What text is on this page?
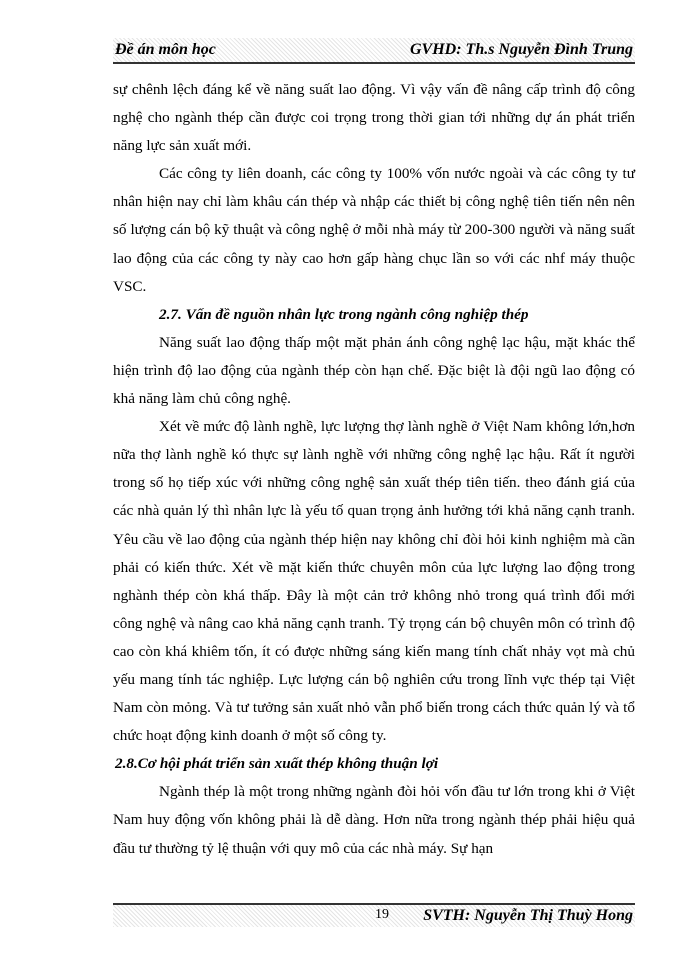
Đề án môn học	GVHD: Th.s Nguyễn Đình Trung

sự chênh lệch đáng kể về năng suất lao động. Vì vậy vấn đề nâng cấp trình độ công nghệ cho ngành thép cần được coi trọng trong thời gian tới những dự án phát triển năng lực sản xuất mới.

Các công ty liên doanh, các công ty 100% vốn nước ngoài và các công ty tư nhân hiện nay chỉ làm khâu cán thép và nhập các thiết bị công nghệ tiên tiến nên nên số lượng cán bộ kỹ thuật và công nghệ ở mỗi nhà máy từ 200-300 người và năng suất lao động của các công ty này cao hơn gấp hàng chục lần so với các nhf máy thuộc VSC.

2.7. Vấn đề nguồn nhân lực trong ngành công nghiệp thép

Năng suất lao động thấp một mặt phản ánh công nghệ lạc hậu, mặt khác thể hiện trình độ lao động của ngành thép còn hạn chế. Đặc biệt là đội ngũ lao động có khả năng làm chủ công nghệ.

Xét về mức độ lành nghề, lực lượng thợ lành nghề ở Việt Nam không lớn,hơn nữa thợ lành nghề kó thực sự lành nghề với những công nghệ lạc hậu. Rất ít người trong số họ tiếp xúc với những công nghệ sản xuất thép tiên tiến. theo đánh giá của các nhà quản lý thì nhân lực là yếu tố quan trọng ảnh hưởng tới khả năng cạnh tranh. Yêu cầu về lao động của ngành thép hiện nay không chỉ đòi hỏi kinh nghiệm mà cần phải có kiến thức. Xét về mặt kiến thức chuyên môn của lực lượng lao động trong nghành thép còn khá thấp. Đây là một cản trở không nhỏ trong quá trình đổi mới công nghệ và nâng cao khả năng cạnh tranh. Tỷ trọng cán bộ chuyên môn có trình độ cao còn khá khiêm tốn, ít có được những sáng kiến mang tính chất nhảy vọt mà chủ yếu mang tính tác nghiệp. Lực lượng cán bộ nghiên cứu trong lĩnh vực thép tại Việt Nam còn mỏng. Và tư tưởng sản xuất nhỏ vẫn phổ biến trong cách thức quản lý và tổ chức hoạt động kinh doanh ở một số công ty.

2.8.Cơ hội phát triển sản xuất thép không thuận lợi

Ngành thép là một trong những ngành đòi hỏi vốn đầu tư lớn trong khi ở Việt Nam huy động vốn không phải là dễ dàng. Hơn nữa trong ngành thép phải hiệu quả đầu tư thường tỷ lệ thuận với quy mô của các nhà máy. Sự hạn

19 SVTH: Nguyễn Thị Thuỳ Hong
